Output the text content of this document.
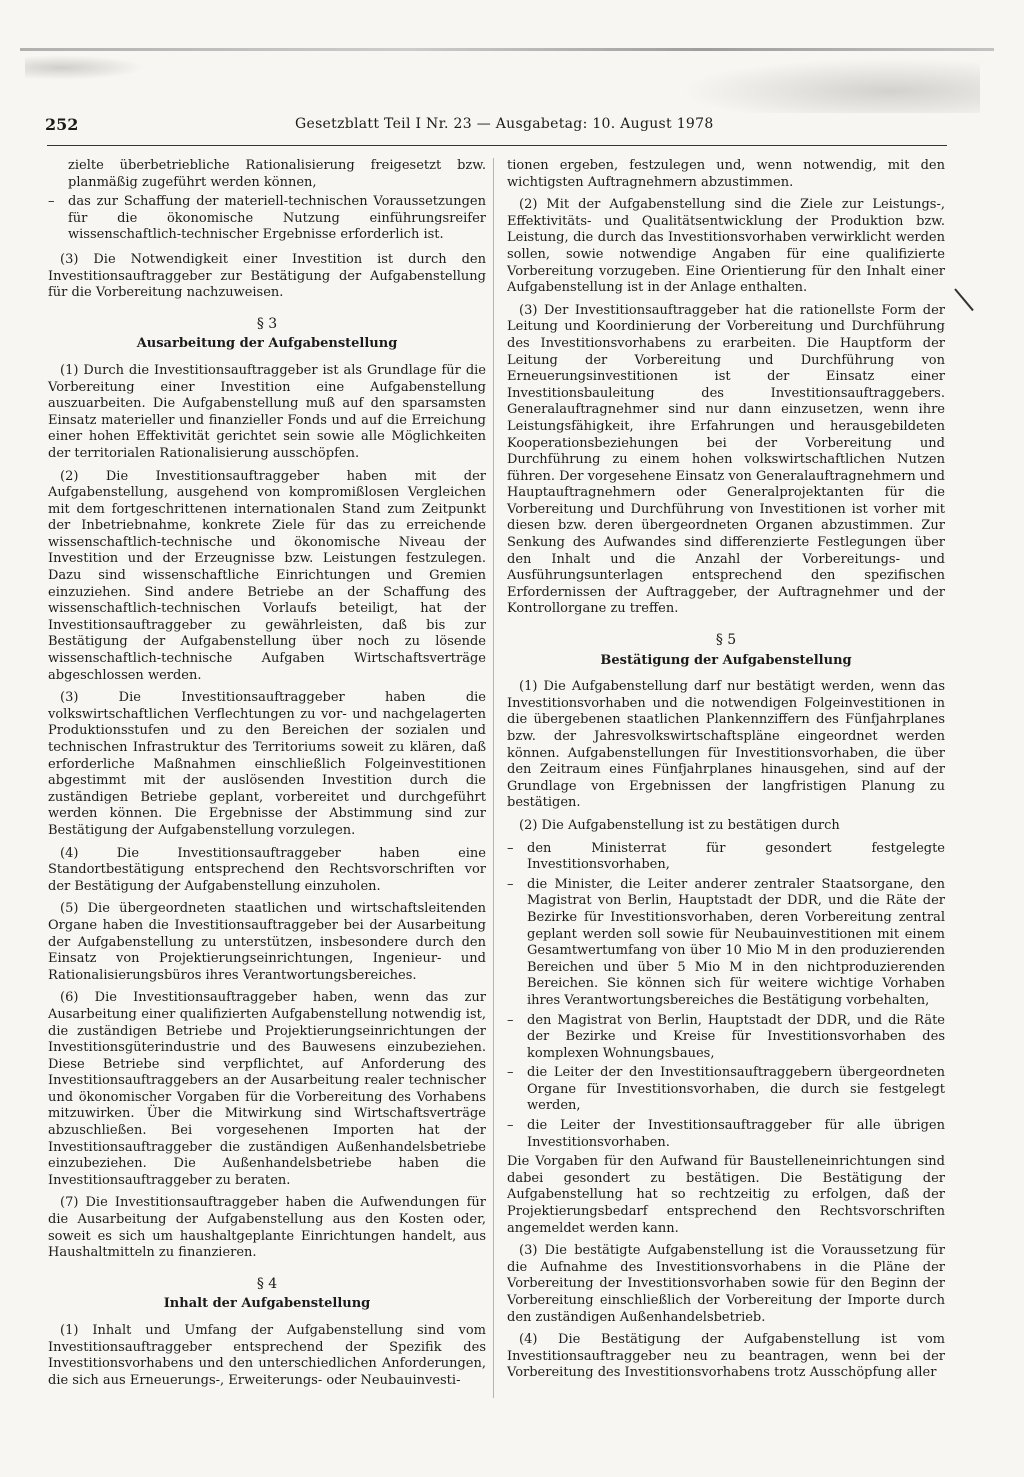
252	Gesetzblatt Teil I Nr. 23 — Ausgabetag: 10. August 1978
zielte überbetriebliche Rationalisierung freigesetzt bzw. planmäßig zugeführt werden können,
–	das zur Schaffung der materiell-technischen Voraussetzungen für die ökonomische Nutzung einführungsreifer wissenschaftlich-technischer Ergebnisse erforderlich ist.

(3) Die Notwendigkeit einer Investition ist durch den Investitionsauftraggeber zur Bestätigung der Aufgabenstellung für die Vorbereitung nachzuweisen.

§ 3
Ausarbeitung der Aufgabenstellung

(1) Durch die Investitionsauftraggeber ist als Grundlage für die Vorbereitung einer Investition eine Aufgabenstellung auszuarbeiten. Die Aufgabenstellung muß auf den sparsamsten Einsatz materieller und finanzieller Fonds und auf die Erreichung einer hohen Effektivität gerichtet sein sowie alle Möglichkeiten der territorialen Rationalisierung ausschöpfen.

(2) Die Investitionsauftraggeber haben mit der Aufgabenstellung, ausgehend von kompromißlosen Vergleichen mit dem fortgeschrittenen internationalen Stand zum Zeitpunkt der Inbetriebnahme, konkrete Ziele für das zu erreichende wissenschaftlich-technische und ökonomische Niveau der Investition und der Erzeugnisse bzw. Leistungen festzulegen. Dazu sind wissenschaftliche Einrichtungen und Gremien einzuziehen. Sind andere Betriebe an der Schaffung des wissenschaftlich-technischen Vorlaufs beteiligt, hat der Investitionsauftraggeber zu gewährleisten, daß bis zur Bestätigung der Aufgabenstellung über noch zu lösende wissenschaftlich-technische Aufgaben Wirtschaftsverträge abgeschlossen werden.

(3) Die Investitionsauftraggeber haben die volkswirtschaftlichen Verflechtungen zu vor- und nachgelagerten Produktionsstufen und zu den Bereichen der sozialen und technischen Infrastruktur des Territoriums soweit zu klären, daß erforderliche Maßnahmen einschließlich Folgeinvestitionen abgestimmt mit der auslösenden Investition durch die zuständigen Betriebe geplant, vorbereitet und durchgeführt werden können. Die Ergebnisse der Abstimmung sind zur Bestätigung der Aufgabenstellung vorzulegen.

(4) Die Investitionsauftraggeber haben eine Standortbestätigung entsprechend den Rechtsvorschriften vor der Bestätigung der Aufgabenstellung einzuholen.

(5) Die übergeordneten staatlichen und wirtschaftsleitenden Organe haben die Investitionsauftraggeber bei der Ausarbeitung der Aufgabenstellung zu unterstützen, insbesondere durch den Einsatz von Projektierungseinrichtungen, Ingenieur- und Rationalisierungsbüros ihres Verantwortungsbereiches.

(6) Die Investitionsauftraggeber haben, wenn das zur Ausarbeitung einer qualifizierten Aufgabenstellung notwendig ist, die zuständigen Betriebe und Projektierungseinrichtungen der Investitionsgüterindustrie und des Bauwesens einzubeziehen. Diese Betriebe sind verpflichtet, auf Anforderung des Investitionsauftraggebers an der Ausarbeitung realer technischer und ökonomischer Vorgaben für die Vorbereitung des Vorhabens mitzuwirken. Über die Mitwirkung sind Wirtschaftsverträge abzuschließen. Bei vorgesehenen Importen hat der Investitionsauftraggeber die zuständigen Außenhandelsbetriebe einzubeziehen. Die Außenhandelsbetriebe haben die Investitionsauftraggeber zu beraten.

(7) Die Investitionsauftraggeber haben die Aufwendungen für die Ausarbeitung der Aufgabenstellung aus den Kosten oder, soweit es sich um haushaltgeplante Einrichtungen handelt, aus Haushaltmitteln zu finanzieren.

§ 4
Inhalt der Aufgabenstellung

(1) Inhalt und Umfang der Aufgabenstellung sind vom Investitionsauftraggeber entsprechend der Spezifik des Investitionsvorhabens und den unterschiedlichen Anforderungen, die sich aus Erneuerungs-, Erweiterungs- oder Neubauinvesti-

tionen ergeben, festzulegen und, wenn notwendig, mit den wichtigsten Auftragnehmern abzustimmen.

(2) Mit der Aufgabenstellung sind die Ziele zur Leistungs-, Effektivitäts- und Qualitätsentwicklung der Produktion bzw. Leistung, die durch das Investitionsvorhaben verwirklicht werden sollen, sowie notwendige Angaben für eine qualifizierte Vorbereitung vorzugeben. Eine Orientierung für den Inhalt einer Aufgabenstellung ist in der Anlage enthalten.

(3) Der Investitionsauftraggeber hat die rationellste Form der Leitung und Koordinierung der Vorbereitung und Durchführung des Investitionsvorhabens zu erarbeiten. Die Hauptform der Leitung der Vorbereitung und Durchführung von Erneuerungsinvestitionen ist der Einsatz einer Investitionsbauleitung des Investitionsauftraggebers. Generalauftragnehmer sind nur dann einzusetzen, wenn ihre Leistungsfähigkeit, ihre Erfahrungen und herausgebildeten Kooperationsbeziehungen bei der Vorbereitung und Durchführung zu einem hohen volkswirtschaftlichen Nutzen führen. Der vorgesehene Einsatz von Generalauftragnehmern und Hauptauftragnehmern oder Generalprojektanten für die Vorbereitung und Durchführung von Investitionen ist vorher mit diesen bzw. deren übergeordneten Organen abzustimmen. Zur Senkung des Aufwandes sind differenzierte Festlegungen über den Inhalt und die Anzahl der Vorbereitungs- und Ausführungsunterlagen entsprechend den spezifischen Erfordernissen der Auftraggeber, der Auftragnehmer und der Kontrollorgane zu treffen.

§ 5
Bestätigung der Aufgabenstellung

(1) Die Aufgabenstellung darf nur bestätigt werden, wenn das Investitionsvorhaben und die notwendigen Folgeinvestitionen in die übergebenen staatlichen Plankennziffern des Fünfjahrplanes bzw. der Jahresvolkswirtschaftspläne eingeordnet werden können. Aufgabenstellungen für Investitionsvorhaben, die über den Zeitraum eines Fünfjahrplanes hinausgehen, sind auf der Grundlage von Ergebnissen der langfristigen Planung zu bestätigen.

(2) Die Aufgabenstellung ist zu bestätigen durch

–	den Ministerrat für gesondert festgelegte Investitionsvorhaben,
–	die Minister, die Leiter anderer zentraler Staatsorgane, den Magistrat von Berlin, Hauptstadt der DDR, und die Räte der Bezirke für Investitionsvorhaben, deren Vorbereitung zentral geplant werden soll sowie für Neubauinvestitionen mit einem Gesamtwertumfang von über 10 Mio M in den produzierenden Bereichen und über 5 Mio M in den nichtproduzierenden Bereichen. Sie können sich für weitere wichtige Vorhaben ihres Verantwortungsbereiches die Bestätigung vorbehalten,
–	den Magistrat von Berlin, Hauptstadt der DDR, und die Räte der Bezirke und Kreise für Investitionsvorhaben des komplexen Wohnungsbaues,
–	die Leiter der den Investitionsauftraggebern übergeordneten Organe für Investitionsvorhaben, die durch sie festgelegt werden,
–	die Leiter der Investitionsauftraggeber für alle übrigen Investitionsvorhaben.

Die Vorgaben für den Aufwand für Baustelleneinrichtungen sind dabei gesondert zu bestätigen. Die Bestätigung der Aufgabenstellung hat so rechtzeitig zu erfolgen, daß der Projektierungsbedarf entsprechend den Rechtsvorschriften angemeldet werden kann.

(3) Die bestätigte Aufgabenstellung ist die Voraussetzung für die Aufnahme des Investitionsvorhabens in die Pläne der Vorbereitung der Investitionsvorhaben sowie für den Beginn der Vorbereitung einschließlich der Vorbereitung der Importe durch den zuständigen Außenhandelsbetrieb.

(4) Die Bestätigung der Aufgabenstellung ist vom Investitionsauftraggeber neu zu beantragen, wenn bei der Vorbereitung des Investitionsvorhabens trotz Ausschöpfung aller
